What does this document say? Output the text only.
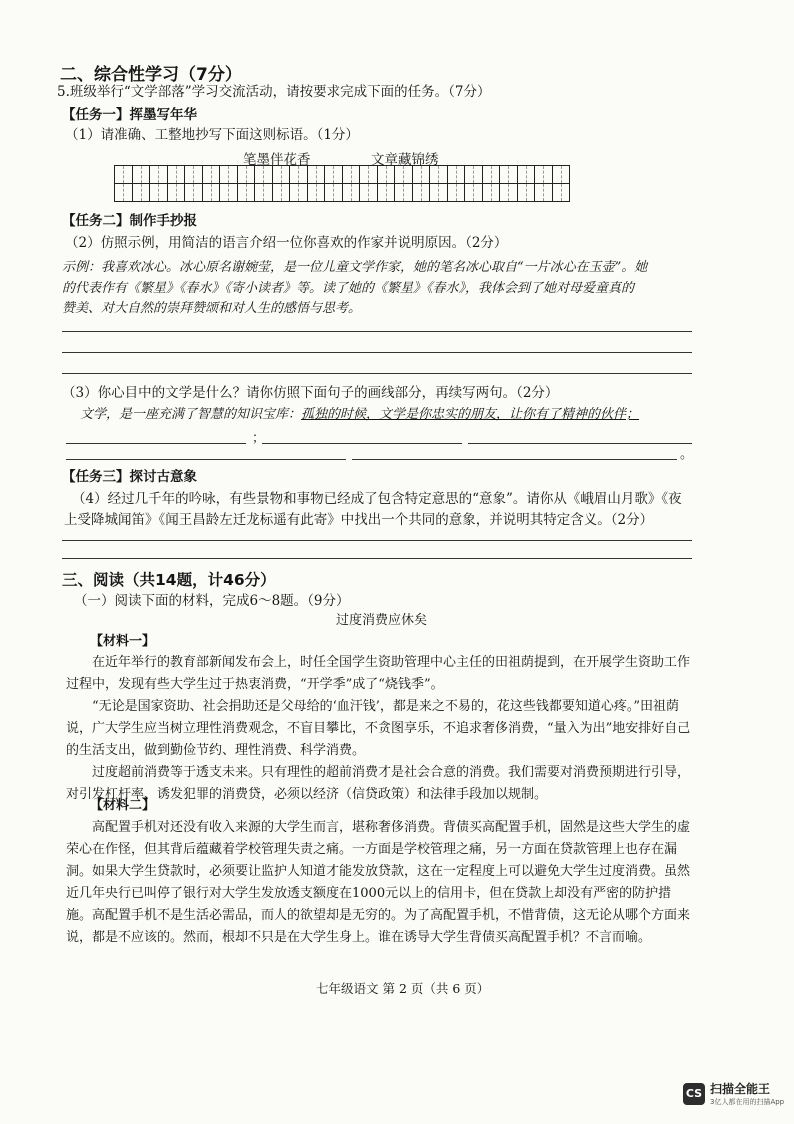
二、综合性学习（7分）
5.班级举行“文学部落”学习交流活动，请按要求完成下面的任务。（7分）
【任务一】挥墨写年华
（1）请准确、工整地抄写下面这则标语。（1分）
笔墨伴花香	文章藏锦绣
【任务二】制作手抄报
（2）仿照示例，用简洁的语言介绍一位你喜欢的作家并说明原因。（2分）
示例：我喜欢冰心。冰心原名谢婉莹，是一位儿童文学作家，她的笔名冰心取自“一片冰心在玉壶”。她
的代表作有《繁星》《春水》《寄小读者》等。读了她的《繁星》《春水》，我体会到了她对母爱童真的
赞美、对大自然的崇拜赞颂和对人生的感悟与思考。
（3）你心目中的文学是什么？请你仿照下面句子的画线部分，再续写两句。（2分）
文学，是一座充满了智慧的知识宝库：孤独的时候，文学是你忠实的朋友，让你有了精神的伙伴；
；
。
【任务三】探讨古意象
（4）经过几千年的吟咏，有些景物和事物已经成了包含特定意思的“意象”。请你从《峨眉山月歌》《夜
上受降城闻笛》《闻王昌龄左迁龙标遥有此寄》中找出一个共同的意象，并说明其特定含义。（2分）
三、阅读（共14题，计46分）
（一）阅读下面的材料，完成6～8题。（9分）
过度消费应休矣
【材料一】

在近年举行的教育部新闻发布会上，时任全国学生资助管理中心主任的田祖荫提到，在开展学生资助工作过程中，发现有些大学生过于热衷消费，“开学季”成了“烧钱季”。

“无论是国家资助、社会捐助还是父母给的‘血汗钱’，都是来之不易的，花这些钱都要知道心疼。”田祖荫说，广大学生应当树立理性消费观念，不盲目攀比，不贪图享乐，不追求奢侈消费，“量入为出”地安排好自己的生活支出，做到勤俭节约、理性消费、科学消费。

过度超前消费等于透支未来。只有理性的超前消费才是社会合意的消费。我们需要对消费预期进行引导，对引发杠杆率、诱发犯罪的消费贷，必须以经济（信贷政策）和法律手段加以规制。

【材料二】

高配置手机对还没有收入来源的大学生而言，堪称奢侈消费。背债买高配置手机，固然是这些大学生的虚荣心在作怪，但其背后蕴藏着学校管理失责之痛。一方面是学校管理之痛，另一方面在贷款管理上也存在漏洞。如果大学生贷款时，必须要让监护人知道才能发放贷款，这在一定程度上可以避免大学生过度消费。虽然近几年央行已叫停了银行对大学生发放透支额度在1000元以上的信用卡，但在贷款上却没有严密的防护措施。高配置手机不是生活必需品，而人的欲望却是无穷的。为了高配置手机，不惜背债，这无论从哪个方面来说，都是不应该的。然而，根却不只是在大学生身上。谁在诱导大学生背债买高配置手机？不言而喻。

七年级语文 第 2 页（共 6 页）
CS 扫描全能王
3亿人都在用的扫描App
